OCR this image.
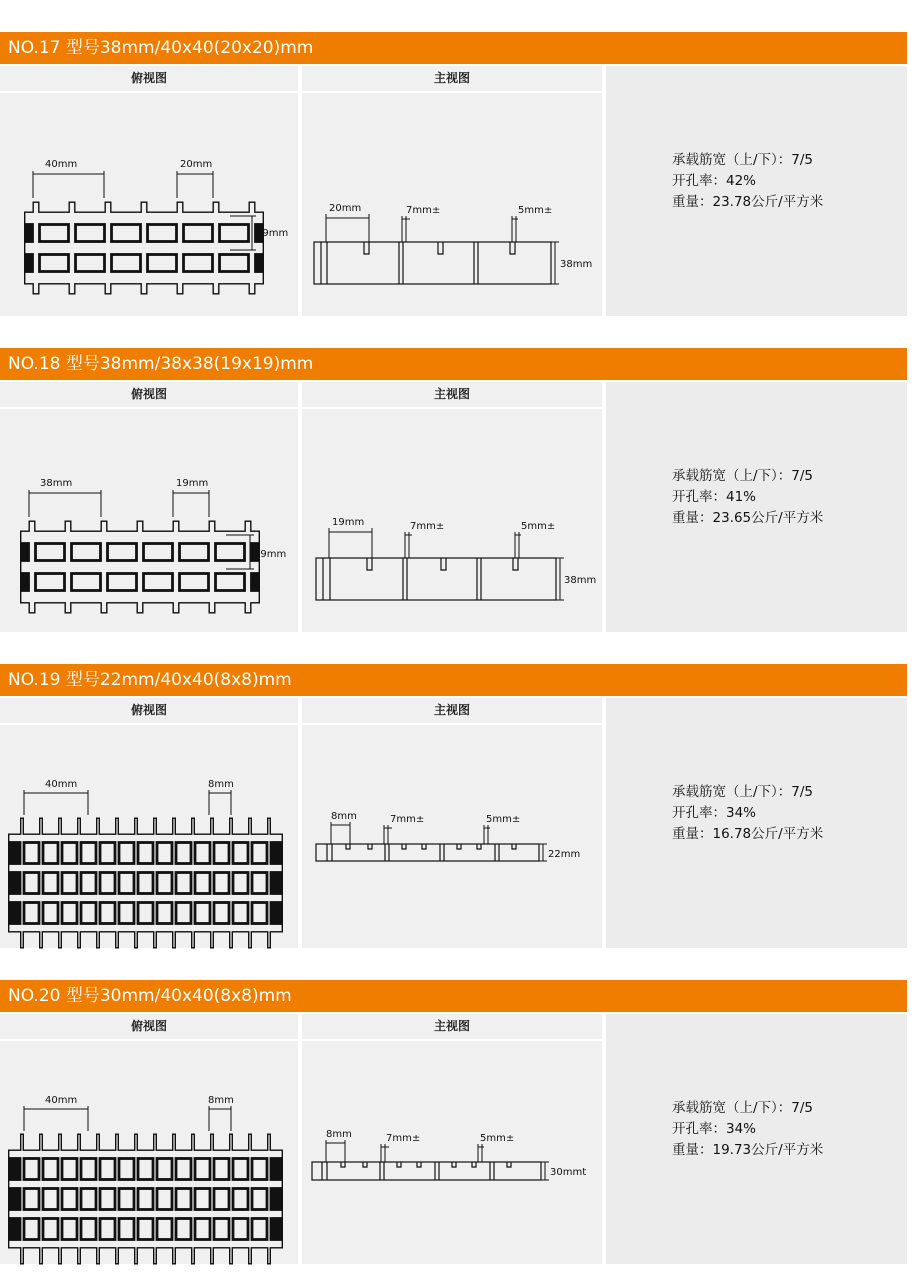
NO.17 型号38mm/40x40(20x20)mm
俯视图
40mm	20mm
19mm
主视图
20mm	7mm±	5mm±
38mm
承载筋宽（上/下）：7/5
开孔率：42%
重量：23.78公斤/平方米
NO.18 型号38mm/38x38(19x19)mm
俯视图
38mm	19mm
19mm
主视图
19mm	7mm±	5mm±
38mm
承载筋宽（上/下）：7/5
开孔率：41%
重量：23.65公斤/平方米
NO.19 型号22mm/40x40(8x8)mm
俯视图
40mm	8mm
主视图
8mm	7mm±	5mm±
22mm
承载筋宽（上/下）：7/5
开孔率：34%
重量：16.78公斤/平方米
NO.20 型号30mm/40x40(8x8)mm
俯视图
40mm	8mm
主视图
8mm	7mm±	5mm±
30mmt
承载筋宽（上/下）：7/5
开孔率：34%
重量：19.73公斤/平方米
